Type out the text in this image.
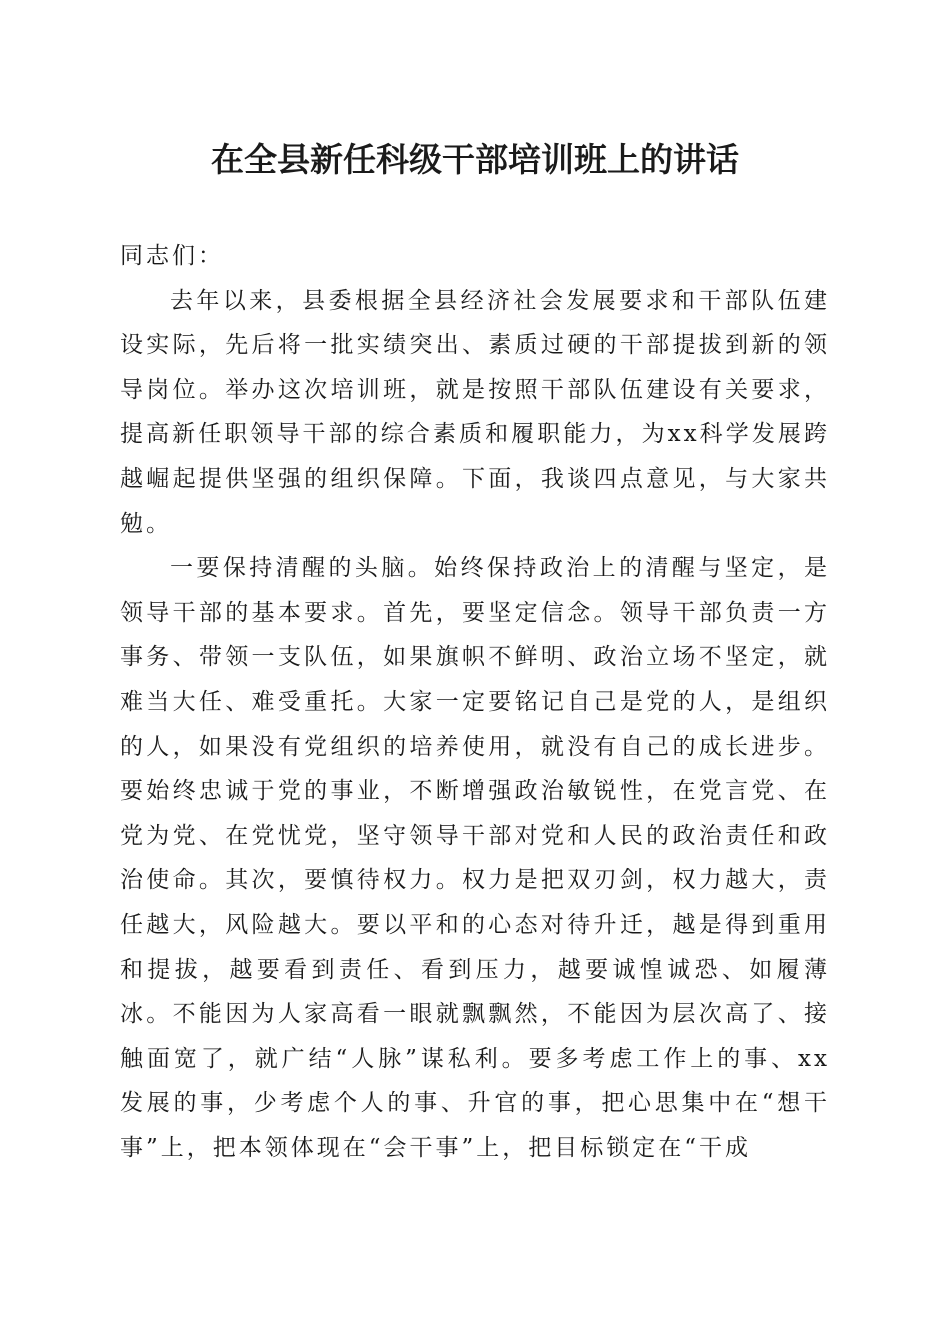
在全县新任科级干部培训班上的讲话

同志们：

去年以来，县委根据全县经济社会发展要求和干部队伍建设实际，先后将一批实绩突出、素质过硬的干部提拔到新的领导岗位。举办这次培训班，就是按照干部队伍建设有关要求，提高新任职领导干部的综合素质和履职能力，为xx科学发展跨越崛起提供坚强的组织保障。下面，我谈四点意见，与大家共勉。

一要保持清醒的头脑。始终保持政治上的清醒与坚定，是领导干部的基本要求。首先，要坚定信念。领导干部负责一方事务、带领一支队伍，如果旗帜不鲜明、政治立场不坚定，就难当大任、难受重托。大家一定要铭记自己是党的人，是组织的人，如果没有党组织的培养使用，就没有自己的成长进步。要始终忠诚于党的事业，不断增强政治敏锐性，在党言党、在党为党、在党忧党，坚守领导干部对党和人民的政治责任和政治使命。其次，要慎待权力。权力是把双刃剑，权力越大，责任越大，风险越大。要以平和的心态对待升迁，越是得到重用和提拔，越要看到责任、看到压力，越要诚惶诚恐、如履薄冰。不能因为人家高看一眼就飘飘然，不能因为层次高了、接触面宽了，就广结“人脉”谋私利。要多考虑工作上的事、xx发展的事，少考虑个人的事、升官的事，把心思集中在“想干事”上，把本领体现在“会干事”上，把目标锁定在“干成
